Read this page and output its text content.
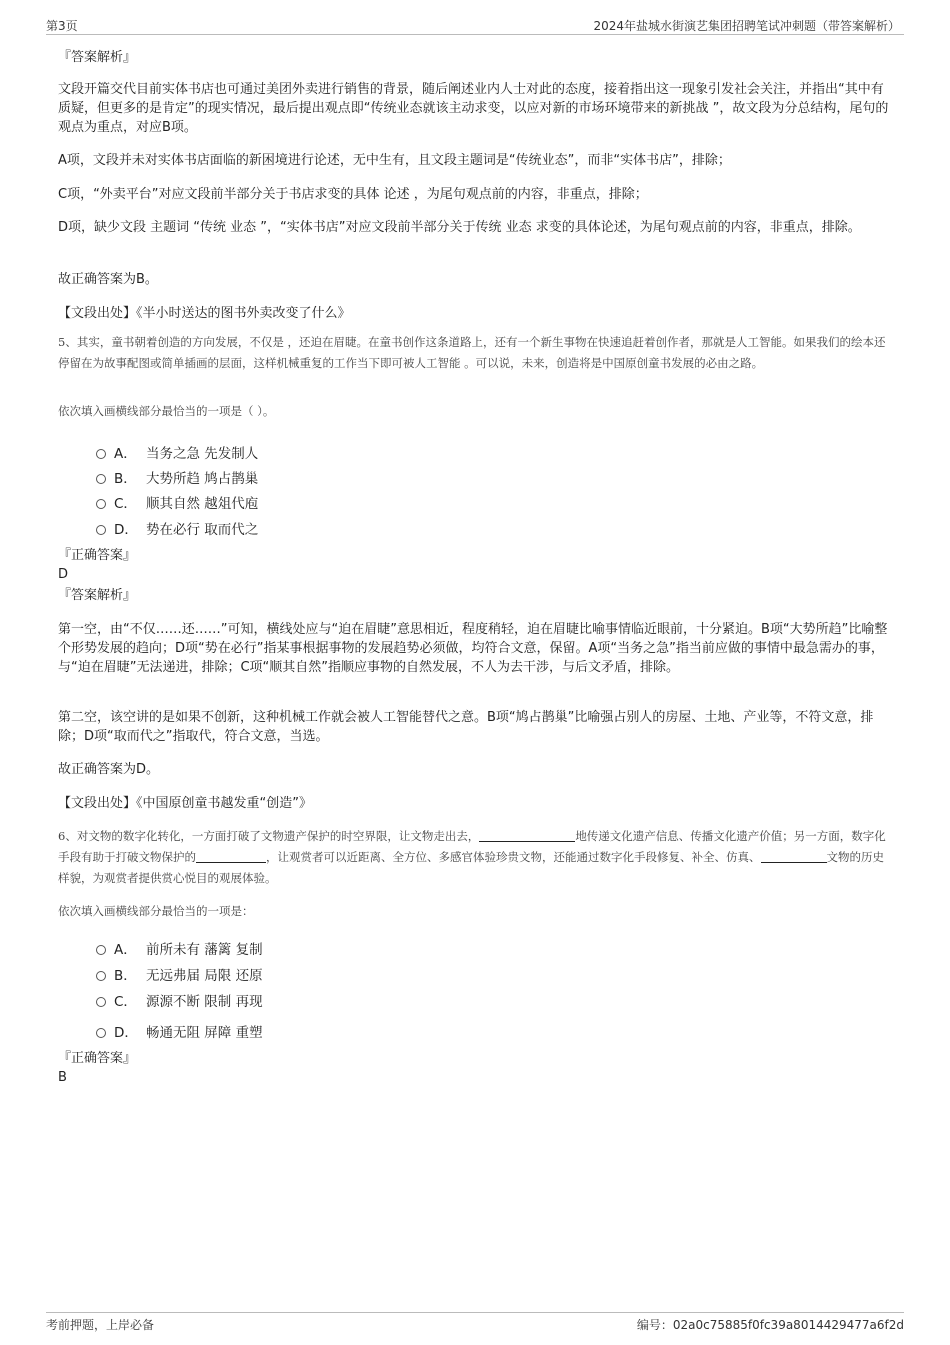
第3页	2024年盐城水街演艺集团招聘笔试冲刺题（带答案解析）
『答案解析』

文段开篇交代目前实体书店也可通过美团外卖进行销售的背景，随后阐述业内人士对此的态度，接着指出这一现象引发社会关注，并指出“其中有质疑，但更多的是肯定”的现实情况，最后提出观点即“传统业态就该主动求变，以应对新的市场环境带来的新挑战 ”，故文段为分总结构，尾句的观点为重点，对应B项。

A项，文段并未对实体书店面临的新困境进行论述，无中生有，且文段主题词是“传统业态”，而非“实体书店”，排除；

C项，“外卖平台”对应文段前半部分关于书店求变的具体 论述 ，为尾句观点前的内容，非重点，排除；

D项，缺少文段 主题词 “传统 业态 ”，“实体书店”对应文段前半部分关于传统 业态 求变的具体论述，为尾句观点前的内容，非重点，排除。

故正确答案为B。

【文段出处】《半小时送达的图书外卖改变了什么》

5、其实，童书朝着创造的方向发展，不仅是 ，还迫在眉睫。在童书创作这条道路上，还有一个新生事物在快速追赶着创作者，那就是人工智能。如果我们的绘本还停留在为故事配图或简单插画的层面，这样机械重复的工作当下即可被人工智能 。可以说，未来，创造将是中国原创童书发展的必由之路。

依次填入画横线部分最恰当的一项是（ ）。

A． 当务之急 先发制人
B． 大势所趋 鸠占鹊巢
C． 顺其自然 越俎代庖
D． 势在必行 取而代之
『正确答案』
D
『答案解析』

第一空，由“不仅……还……”可知，横线处应与“迫在眉睫”意思相近，程度稍轻，迫在眉睫比喻事情临近眼前，十分紧迫。B项“大势所趋”比喻整个形势发展的趋向；D项“势在必行”指某事根据事物的发展趋势必须做，均符合文意，保留。A项“当务之急”指当前应做的事情中最急需办的事，与“迫在眉睫”无法递进，排除；C项“顺其自然”指顺应事物的自然发展，不人为去干涉，与后文矛盾，排除。

第二空，该空讲的是如果不创新，这种机械工作就会被人工智能替代之意。B项“鸠占鹊巢”比喻强占别人的房屋、土地、产业等，不符文意，排除；D项“取而代之”指取代，符合文意，当选。

故正确答案为D。

【文段出处】《中国原创童书越发重“创造”》

6、对文物的数字化转化，一方面打破了文物遗产保护的时空界限，让文物走出去，	地传递文化遗产信息、传播文化遗产价值；另一方面，数字化手段有助于打破文物保护的	，让观赏者可以近距离、全方位、多感官体验珍贵文物，还能通过数字化手段修复、补全、仿真、	文物的历史样貌，为观赏者提供赏心悦目的观展体验。

依次填入画横线部分最恰当的一项是：

A． 前所未有 藩篱 复制
B． 无远弗届 局限 还原
C． 源源不断 限制 再现
D． 畅通无阻 屏障 重塑
『正确答案』
B
考前押题，上岸必备	编号：02a0c75885f0fc39a8014429477a6f2d
